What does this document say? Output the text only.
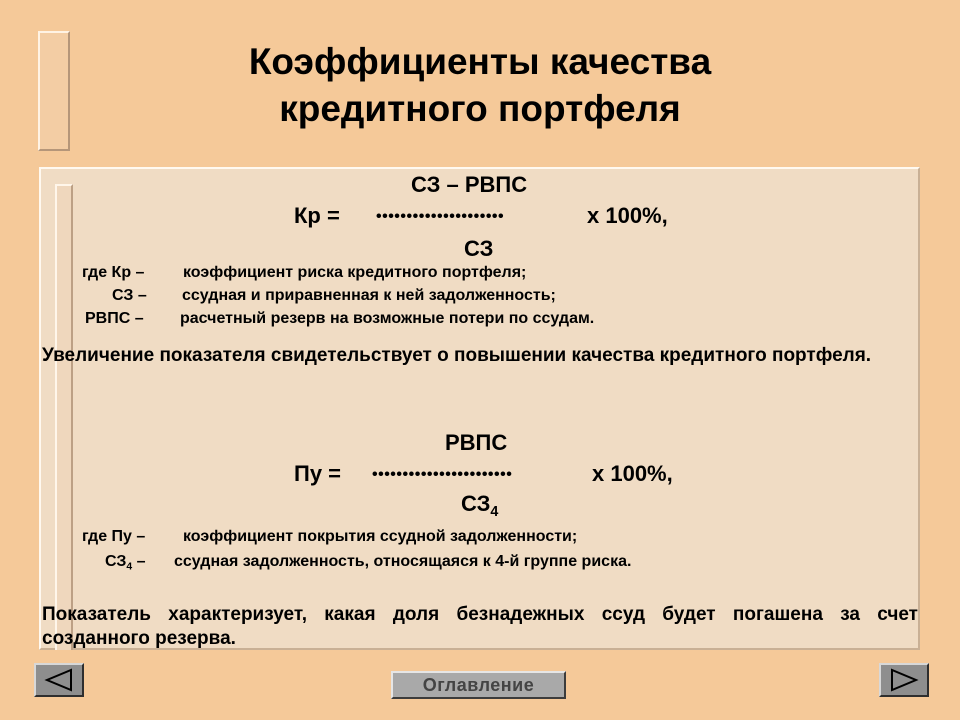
Коэффициенты качества
кредитного портфеля
СЗ – РВПС
Кр = •••••••••••••••••••••	х 100%,
СЗ
где Кр – коэффициент риска кредитного портфеля;
СЗ – ссудная и приравненная к ней задолженность;
РВПС – расчетный резерв на возможные потери по ссудам.
Увеличение показателя свидетельствует о повышении качества кредитного портфеля.
РВПС
Пу = •••••••••••••••••••••••	х 100%,
$СЗ_4$
где Пу – коэффициент покрытия ссудной задолженности;
$СЗ_4$ – ссудная задолженность, относящаяся к 4-й группе риска.
Показатель характеризует, какая доля безнадежных ссуд будет погашена за счет созданного резерва.
Оглавление
